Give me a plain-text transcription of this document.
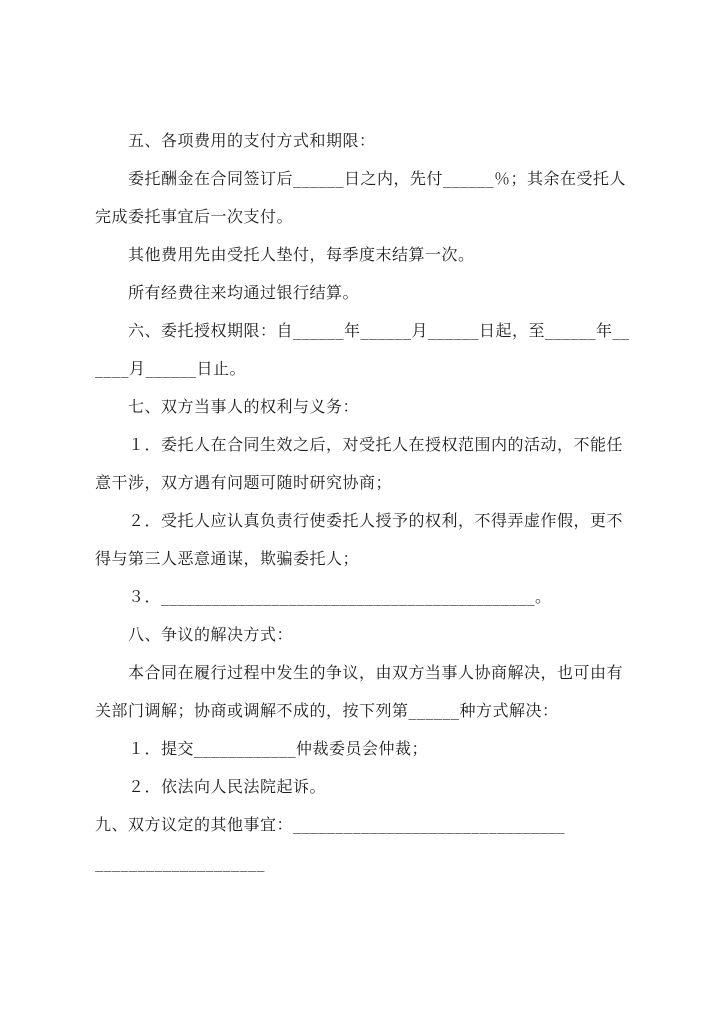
五、各项费用的支付方式和期限：

委托酬金在合同签订后______日之内，先付______％；其余在受托人

完成委托事宜后一次支付。

其他费用先由受托人垫付，每季度末结算一次。

所有经费往来均通过银行结算。

六、委托授权期限：自______年______月______日起，至______年__

____月______日止。

七、双方当事人的权利与义务：

１．委托人在合同生效之后，对受托人在授权范围内的活动，不能任

意干涉，双方遇有问题可随时研究协商；

２．受托人应认真负责行使委托人授予的权利，不得弄虚作假，更不

得与第三人恶意通谋，欺骗委托人；

３．____________________________________________。

八、争议的解决方式：

本合同在履行过程中发生的争议，由双方当事人协商解决，也可由有

关部门调解；协商或调解不成的，按下列第______种方式解决：

１．提交____________仲裁委员会仲裁；

２．依法向人民法院起诉。

九、双方议定的其他事宜：________________________________

____________________
